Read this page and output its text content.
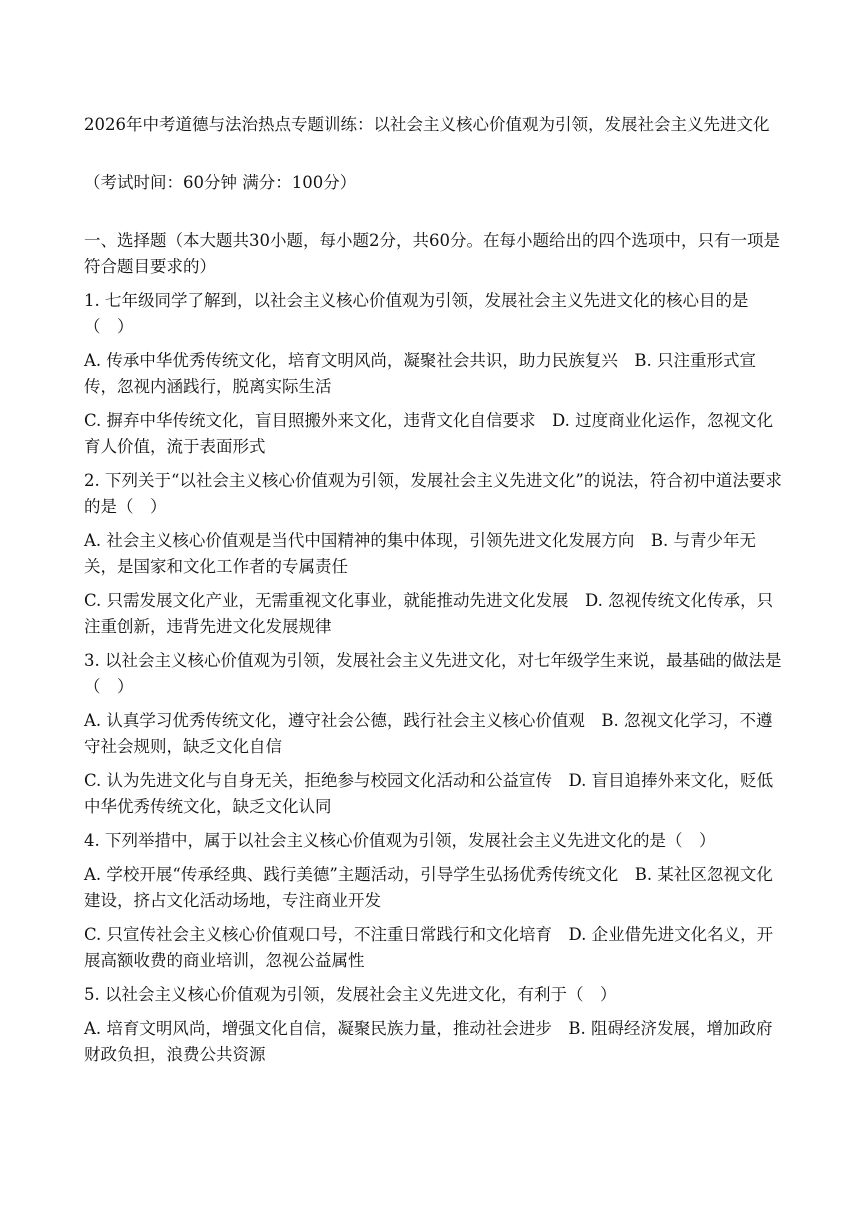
2026年中考道德与法治热点专题训练：以社会主义核心价值观为引领，发展社会主义先进文化

（考试时间：60分钟 满分：100分）

一、选择题（本大题共30小题，每小题2分，共60分。在每小题给出的四个选项中，只有一项是符合题目要求的）

1. 七年级同学了解到，以社会主义核心价值观为引领，发展社会主义先进文化的核心目的是（　）

A. 传承中华优秀传统文化，培育文明风尚，凝聚社会共识，助力民族复兴　B. 只注重形式宣传，忽视内涵践行，脱离实际生活

C. 摒弃中华传统文化，盲目照搬外来文化，违背文化自信要求　D. 过度商业化运作，忽视文化育人价值，流于表面形式

2. 下列关于“以社会主义核心价值观为引领，发展社会主义先进文化”的说法，符合初中道法要求的是（　）

A. 社会主义核心价值观是当代中国精神的集中体现，引领先进文化发展方向　B. 与青少年无关，是国家和文化工作者的专属责任

C. 只需发展文化产业，无需重视文化事业，就能推动先进文化发展　D. 忽视传统文化传承，只注重创新，违背先进文化发展规律

3. 以社会主义核心价值观为引领，发展社会主义先进文化，对七年级学生来说，最基础的做法是（　）

A. 认真学习优秀传统文化，遵守社会公德，践行社会主义核心价值观　B. 忽视文化学习，不遵守社会规则，缺乏文化自信

C. 认为先进文化与自身无关，拒绝参与校园文化活动和公益宣传　D. 盲目追捧外来文化，贬低中华优秀传统文化，缺乏文化认同

4. 下列举措中，属于以社会主义核心价值观为引领，发展社会主义先进文化的是（　）

A. 学校开展“传承经典、践行美德”主题活动，引导学生弘扬优秀传统文化　B. 某社区忽视文化建设，挤占文化活动场地，专注商业开发

C. 只宣传社会主义核心价值观口号，不注重日常践行和文化培育　D. 企业借先进文化名义，开展高额收费的商业培训，忽视公益属性

5. 以社会主义核心价值观为引领，发展社会主义先进文化，有利于（　）

A. 培育文明风尚，增强文化自信，凝聚民族力量，推动社会进步　B. 阻碍经济发展，增加政府财政负担，浪费公共资源
